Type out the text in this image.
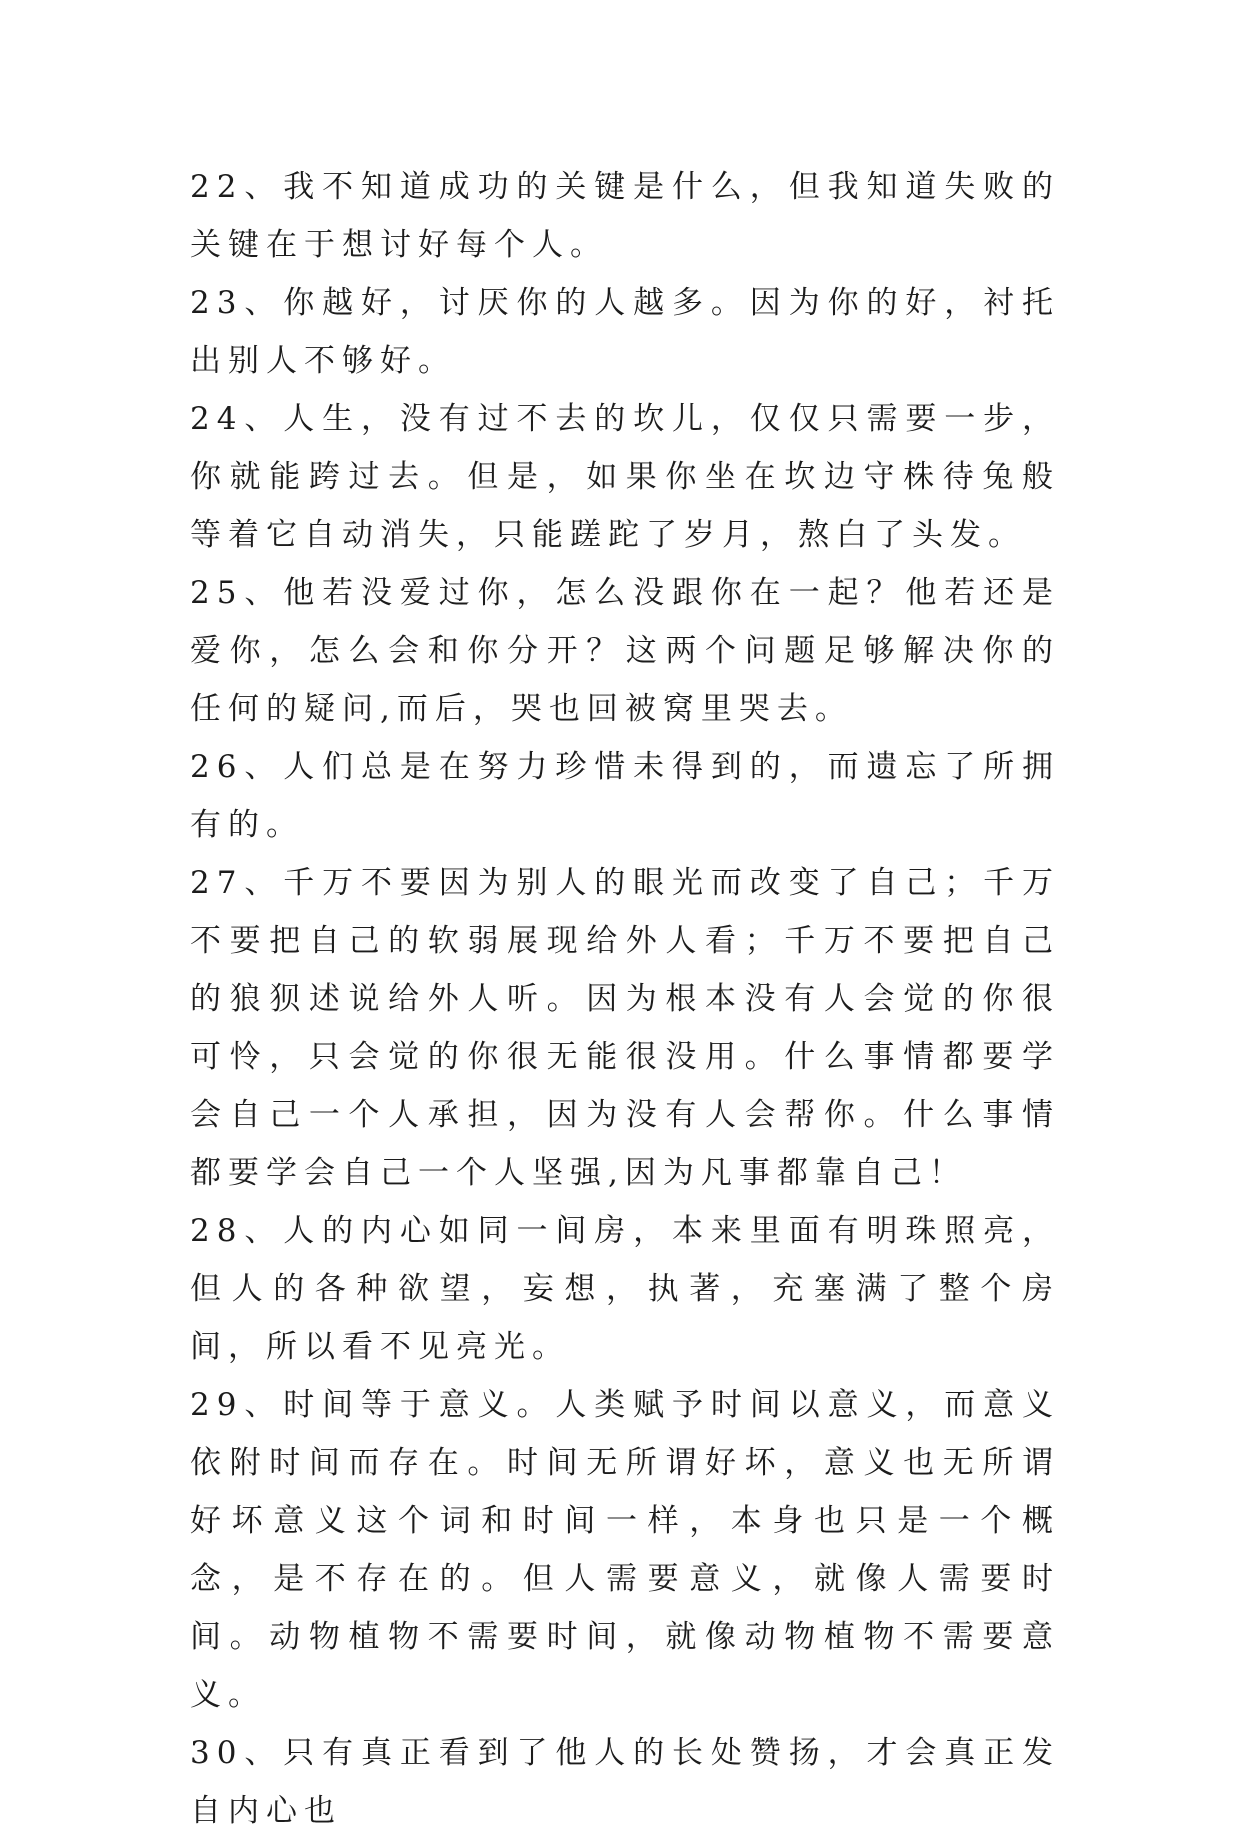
22、我不知道成功的关键是什么，但我知道失败的关键在于想讨好每个人。

23、你越好，讨厌你的人越多。因为你的好，衬托出别人不够好。

24、人生，没有过不去的坎儿，仅仅只需要一步，你就能跨过去。但是，如果你坐在坎边守株待兔般等着它自动消失，只能蹉跎了岁月，熬白了头发。

25、他若没爱过你，怎么没跟你在一起？他若还是爱你，怎么会和你分开？这两个问题足够解决你的任何的疑问,而后，哭也回被窝里哭去。

26、人们总是在努力珍惜未得到的，而遗忘了所拥有的。

27、千万不要因为别人的眼光而改变了自己；千万不要把自己的软弱展现给外人看；千万不要把自己的狼狈述说给外人听。因为根本没有人会觉的你很可怜，只会觉的你很无能很没用。什么事情都要学会自己一个人承担，因为没有人会帮你。什么事情都要学会自己一个人坚强,因为凡事都靠自己！

28、人的内心如同一间房，本来里面有明珠照亮，但人的各种欲望，妄想，执著，充塞满了整个房间，所以看不见亮光。

29、时间等于意义。人类赋予时间以意义，而意义依附时间而存在。时间无所谓好坏，意义也无所谓好坏意义这个词和时间一样，本身也只是一个概念，是不存在的。但人需要意义，就像人需要时间。动物植物不需要时间，就像动物植物不需要意义。

30、只有真正看到了他人的长处赞扬，才会真正发自内心也
